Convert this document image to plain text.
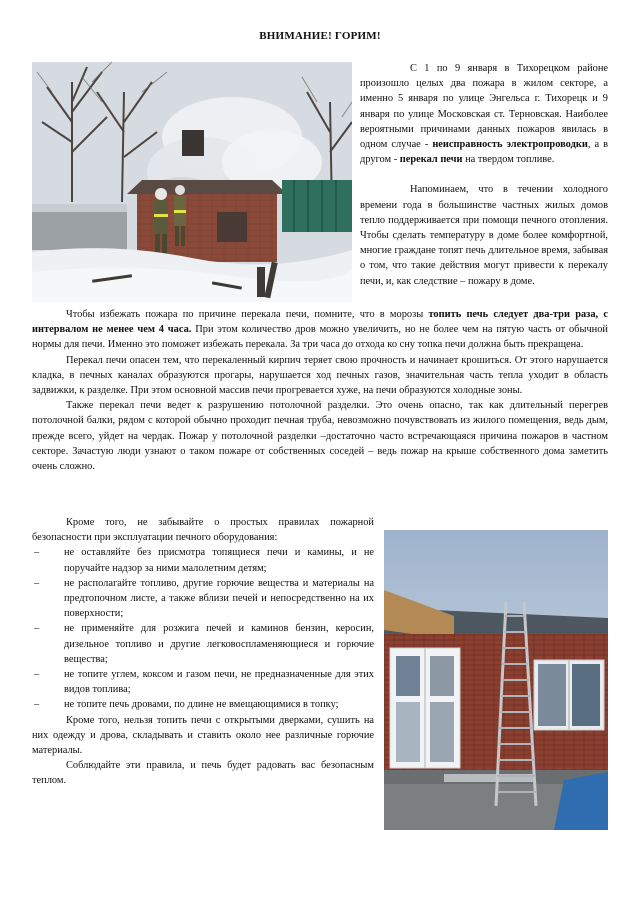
ВНИМАНИЕ! ГОРИМ!

С 1 по 9 января в Тихорецком районе произошло целых два пожара в жилом секторе, а именно 5 января по улице Энгельса г. Тихорецк и 9 января по улице Московская ст. Терновская. Наиболее вероятными причинами данных пожаров явилась в одном случае - неисправность электропроводки, а в другом - перекал печи на твердом топливе.

Напоминаем, что в течении холодного времени года в большинстве частных жилых домов тепло поддерживается при помощи печного отопления. Чтобы сделать температуру в доме более комфортной, многие граждане топят печь длительное время, забывая о том, что такие действия могут привести к перекалу печи, и, как следствие – пожару в доме.

Чтобы избежать пожара по причине перекала печи, помните, что в морозы топить печь следует два-три раза, с интервалом не менее чем 4 часа. При этом количество дров можно увеличить, но не более чем на пятую часть от обычной нормы для печи. Именно это поможет избежать перекала. За три часа до отхода ко сну топка печи должна быть прекращена.

Перекал печи опасен тем, что перекаленный кирпич теряет свою прочность и начинает крошиться. От этого нарушается кладка, в печных каналах образуются прогары, нарушается ход печных газов, значительная часть тепла уходит в область задвижки, к разделке. При этом основной массив печи прогревается хуже, на печи образуются холодные зоны.

Также перекал печи ведет к разрушению потолочной разделки. Это очень опасно, так как длительный перегрев потолочной балки, рядом с которой обычно проходит печная труба, невозможно почувствовать из жилого помещения, ведь дым, прежде всего, уйдет на чердак. Пожар у потолочной разделки –достаточно часто встречающаяся причина пожаров в частном секторе. Зачастую люди узнают о таком пожаре от собственных соседей – ведь пожар на крыше собственного дома заметить очень сложно.

Кроме того, не забывайте о простых правилах пожарной безопасности при эксплуатации печного оборудования:

–	не оставляйте без присмотра топящиеся печи и камины, и не поручайте надзор за ними малолетним детям;
–	не располагайте топливо, другие горючие вещества и материалы на предтопочном листе, а также вблизи печей и непосредственно на их поверхности;
–	не применяйте для розжига печей и каминов бензин, керосин, дизельное топливо и другие легковоспламеняющиеся и горючие вещества;
–	не топите углем, коксом и газом печи, не предназначенные для этих видов топлива;
–	не топите печь дровами, по длине не вмещающимися в топку;

Кроме того, нельзя топить печи с открытыми дверками, сушить на них одежду и дрова, складывать и ставить около нее различные горючие материалы.

Соблюдайте эти правила, и печь будет радовать вас безопасным теплом.
